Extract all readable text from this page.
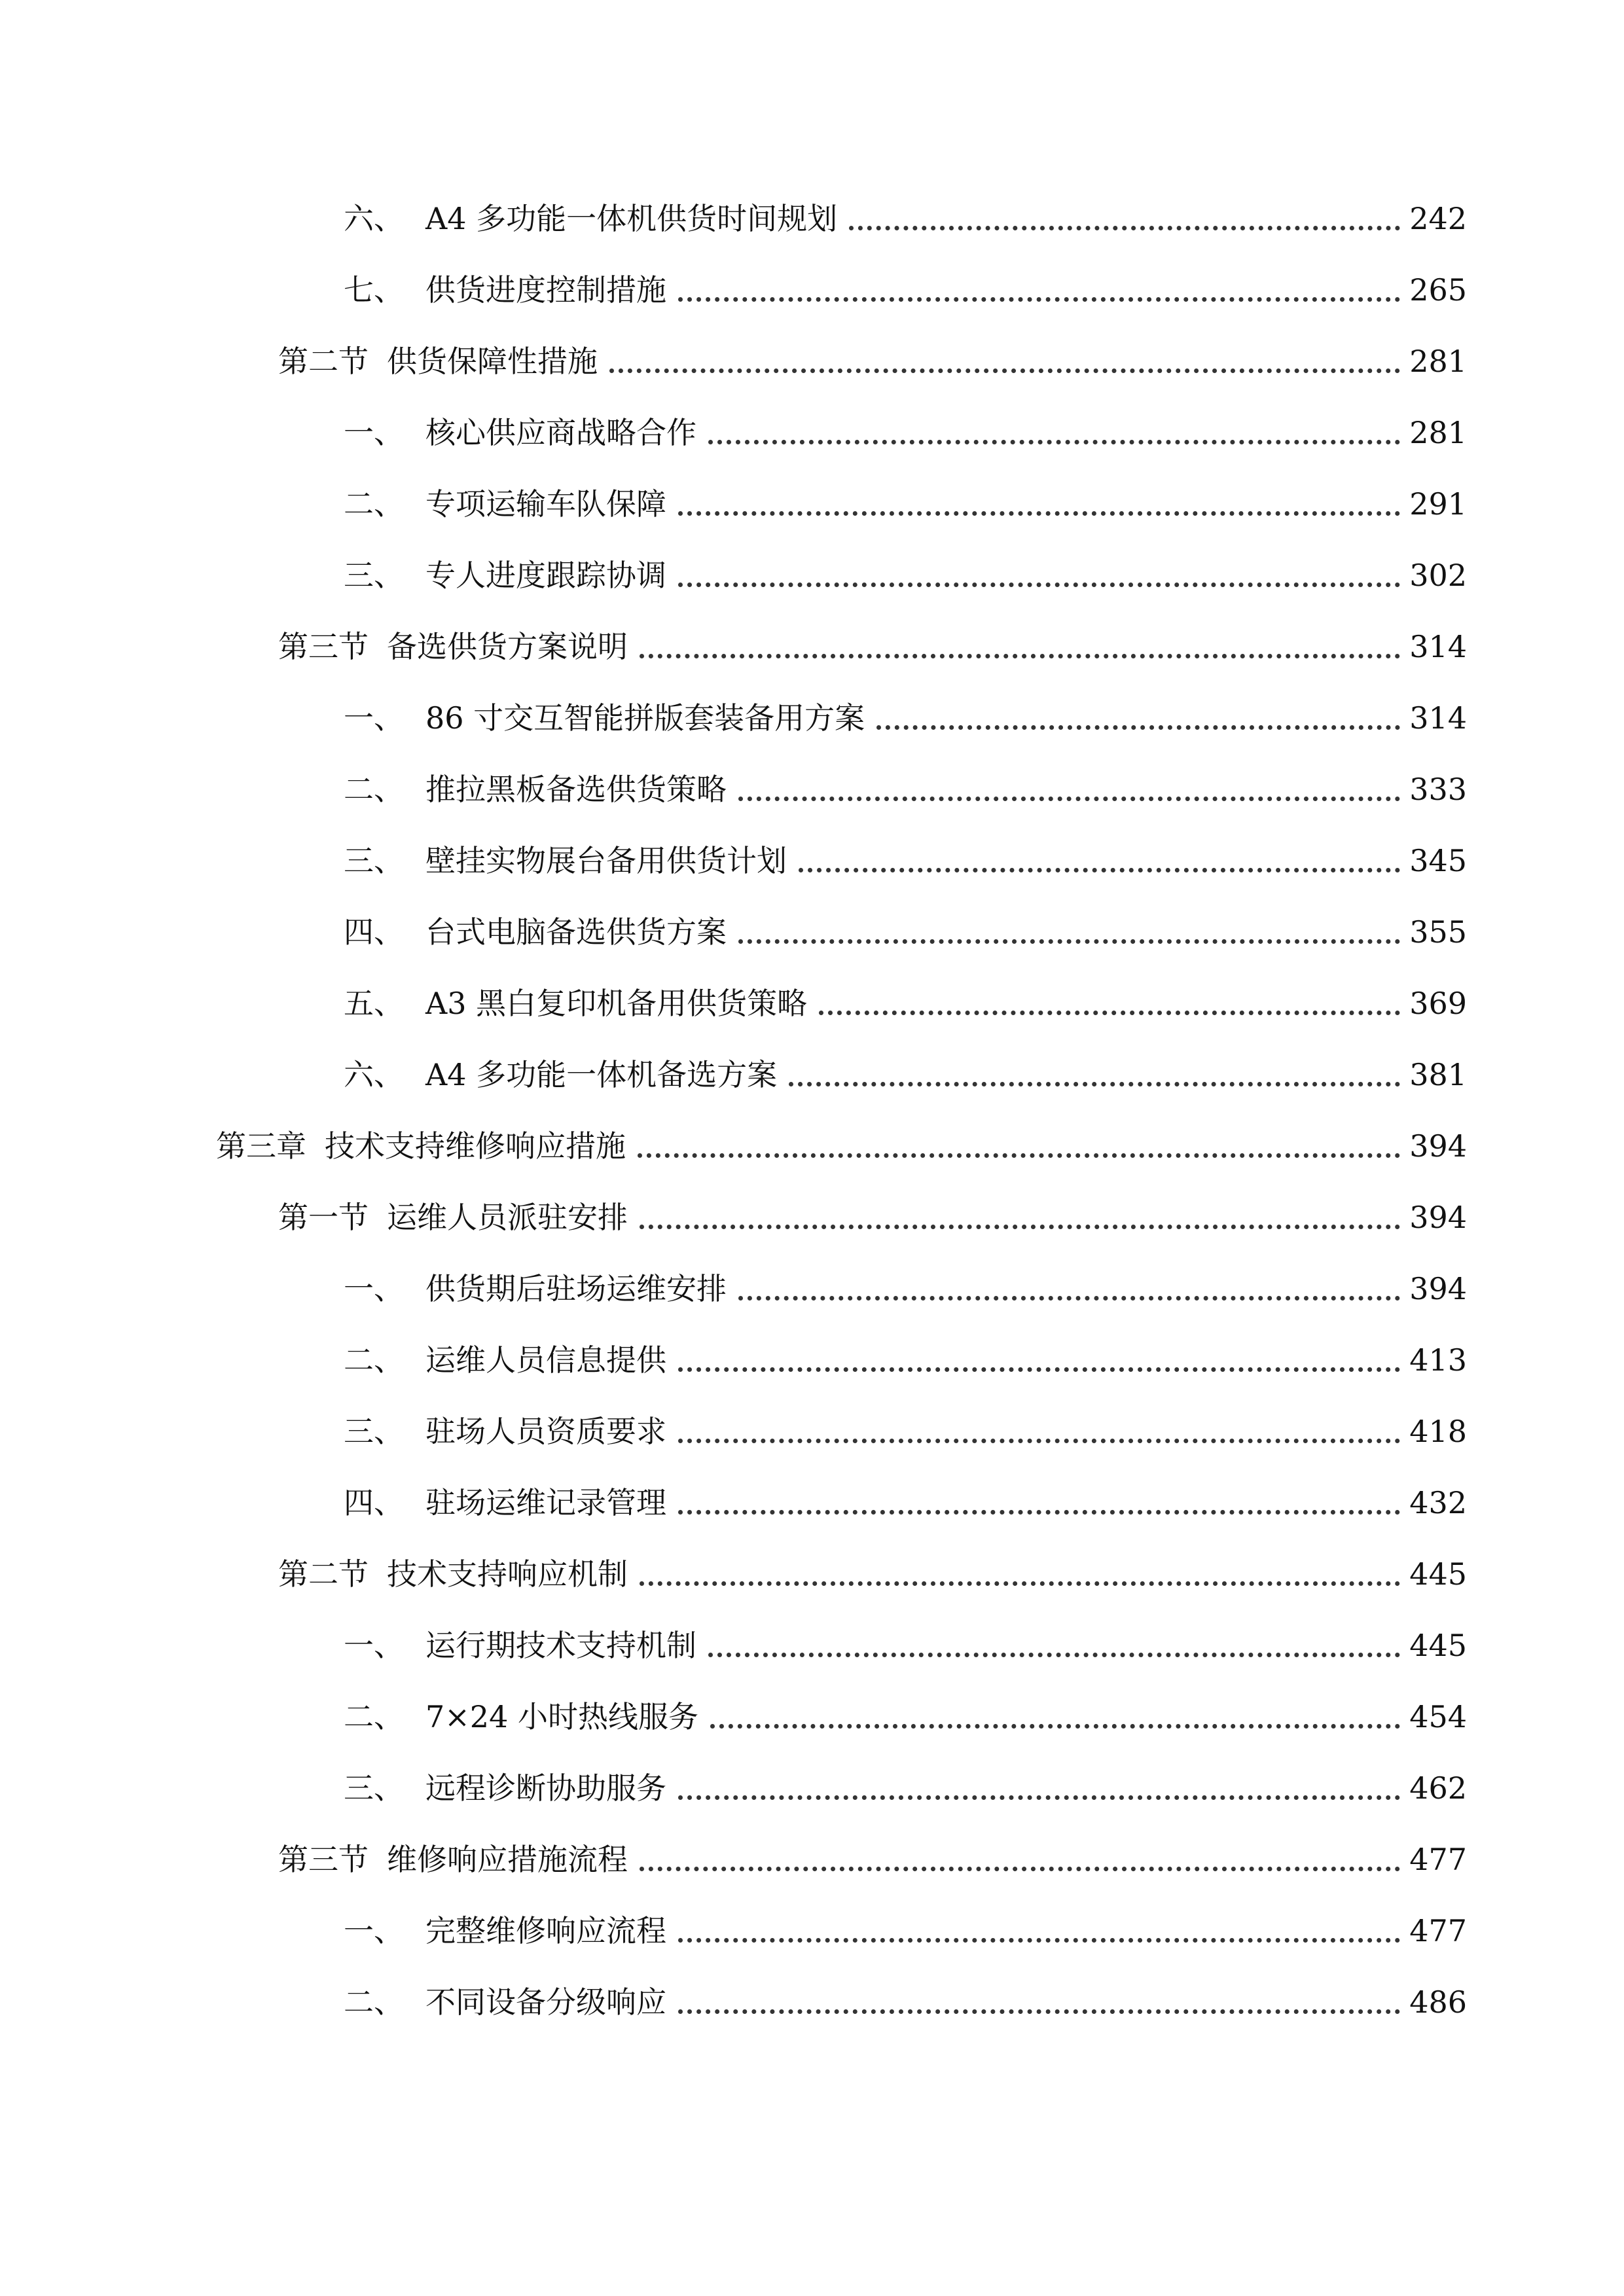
六、 A4 多功能一体机供货时间规划	242
七、 供货进度控制措施	265
第二节 供货保障性措施	281
一、 核心供应商战略合作	281
二、 专项运输车队保障	291
三、 专人进度跟踪协调	302
第三节 备选供货方案说明	314
一、 86 寸交互智能拼版套装备用方案	314
二、 推拉黑板备选供货策略	333
三、 壁挂实物展台备用供货计划	345
四、 台式电脑备选供货方案	355
五、 A3 黑白复印机备用供货策略	369
六、 A4 多功能一体机备选方案	381
第三章 技术支持维修响应措施	394
第一节 运维人员派驻安排	394
一、 供货期后驻场运维安排	394
二、 运维人员信息提供	413
三、 驻场人员资质要求	418
四、 驻场运维记录管理	432
第二节 技术支持响应机制	445
一、 运行期技术支持机制	445
二、 7×24 小时热线服务	454
三、 远程诊断协助服务	462
第三节 维修响应措施流程	477
一、 完整维修响应流程	477
二、 不同设备分级响应	486
